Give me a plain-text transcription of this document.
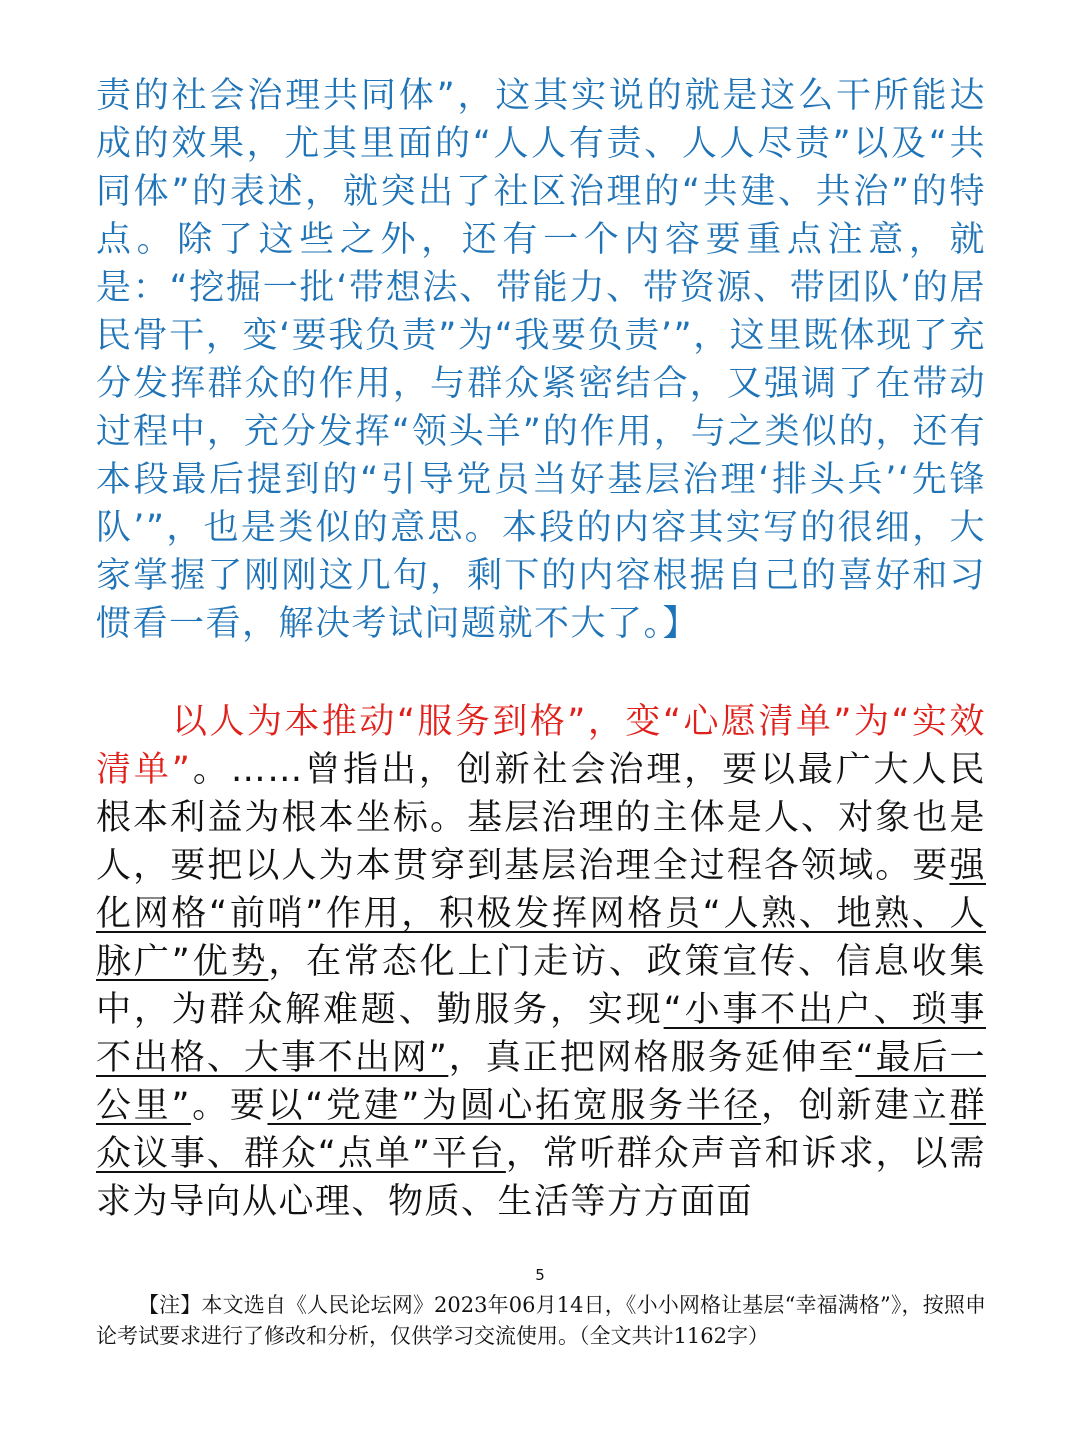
责的社会治理共同体”，这其实说的就是这么干所能达成的效果，尤其里面的“人人有责、人人尽责”以及“共同体”的表述，就突出了社区治理的“共建、共治”的特点。除了这些之外，还有一个内容要重点注意，就是：“挖掘一批‘带想法、带能力、带资源、带团队’的居民骨干，变‘要我负责”为“我要负责’”，这里既体现了充分发挥群众的作用，与群众紧密结合，又强调了在带动过程中，充分发挥“领头羊”的作用，与之类似的，还有本段最后提到的“引导党员当好基层治理‘排头兵’‘先锋队’”，也是类似的意思。本段的内容其实写的很细，大家掌握了刚刚这几句，剩下的内容根据自己的喜好和习惯看一看，解决考试问题就不大了。】
以人为本推动“服务到格”，变“心愿清单”为“实效清单”。……曾指出，创新社会治理，要以最广大人民根本利益为根本坐标。基层治理的主体是人、对象也是人，要把以人为本贯穿到基层治理全过程各领域。要强化网格“前哨”作用，积极发挥网格员“人熟、地熟、人脉广”优势，在常态化上门走访、政策宣传、信息收集中，为群众解难题、勤服务，实现“小事不出户、琐事不出格、大事不出网”，真正把网格服务延伸至“最后一公里”。要以“党建”为圆心拓宽服务半径，创新建立群众议事、群众“点单”平台，常听群众声音和诉求，以需求为导向从心理、物质、生活等方方面面
5
【注】本文选自《人民论坛网》2023年06月14日，《小小网格让基层“幸福满格”》，按照申论考试要求进行了修改和分析，仅供学习交流使用。（全文共计1162字）
